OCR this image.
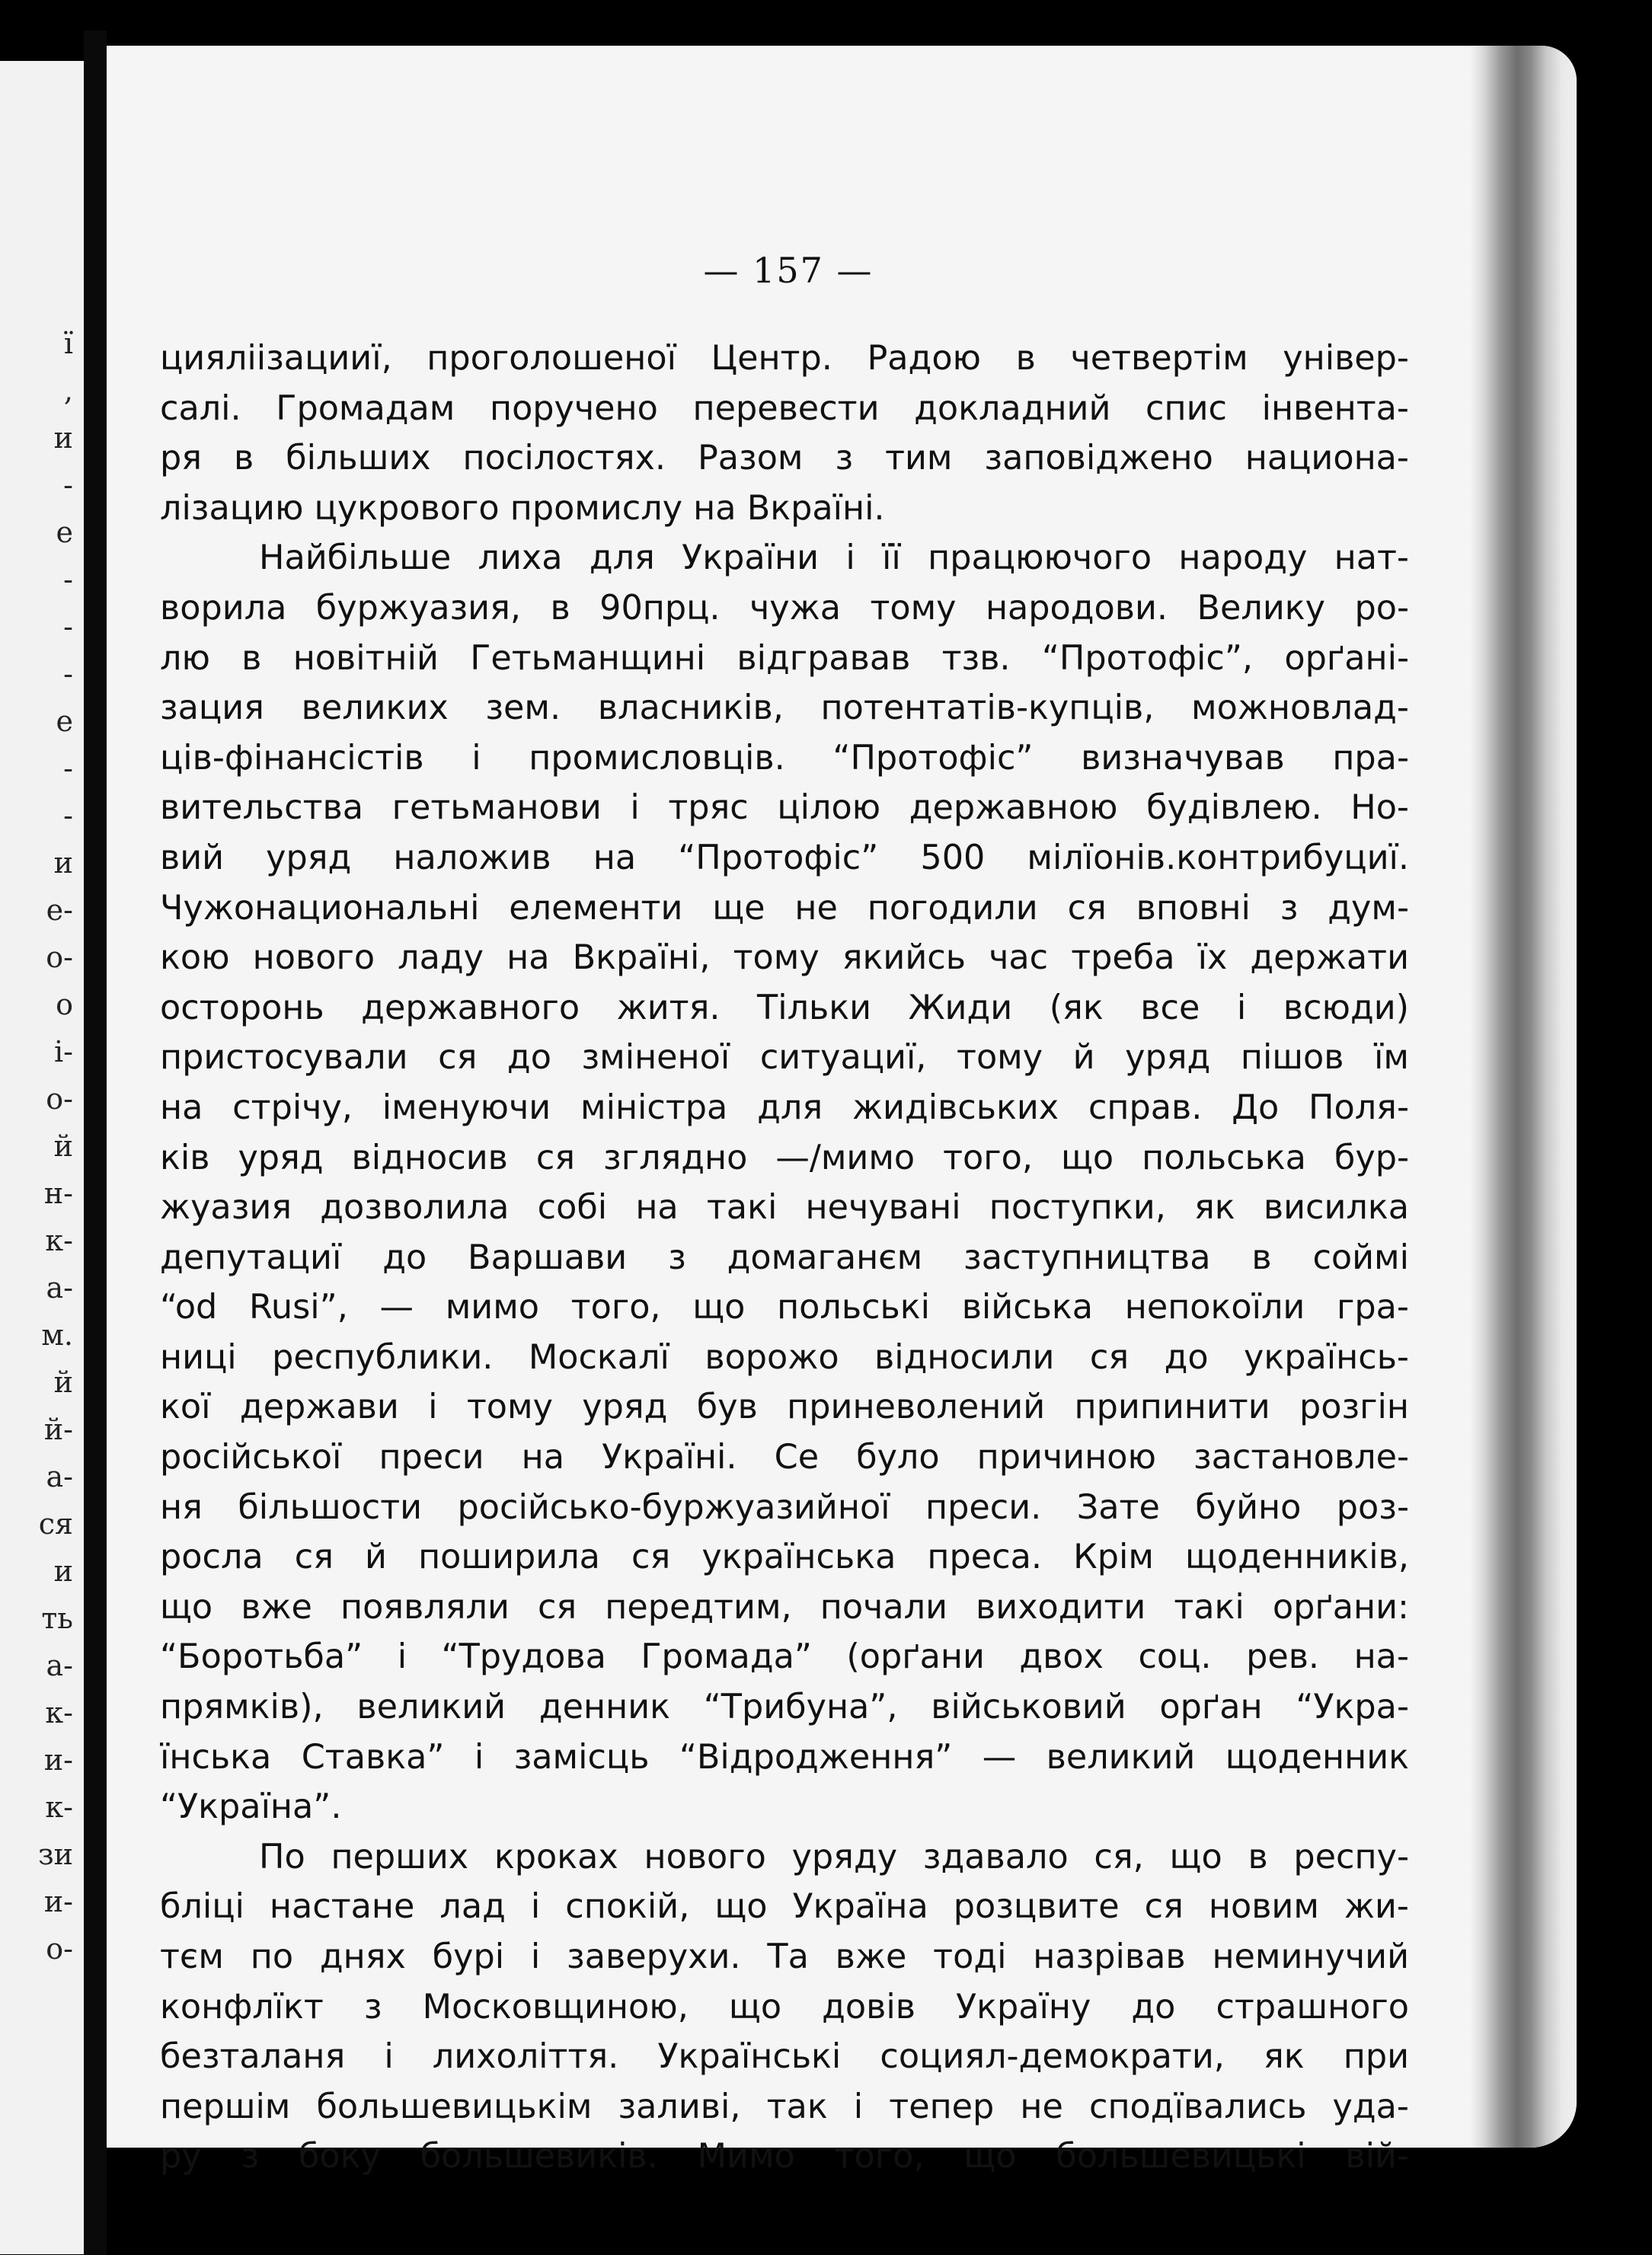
ї
,
и
-
е
-
-
-
е
-
-
и
е-
о-
о
і-
о-
й
н-
к-
а-
м.
й
й-
а-
ся
и
ть
а-
к-
и-
к-
зи
и-
о-
— 157 —
цияліізацииї, проголошеної Центр. Радою в четвертім універ-
салі. Громадам поручено перевести докладний спис інвента-
ря в більших посілостях. Разом з тим заповіджено национа-
лізацию цукрового промислу на Вкраїні.
Найбільше лиха для України і її працюючого народу нат-
ворила буржуазия, в 90прц. чужа тому народови. Велику ро-
лю в новітній Гетьманщині відгравав тзв. “Протофіс”, орґані-
зация великих зем. власників, потентатів-купців, можновлад-
ців-фінансістів і промисловців. “Протофіс” визначував пра-
вительства гетьманови і тряс цілою державною будівлею. Но-
вий уряд наложив на “Протофіс” 500 мілїонів.контрибуциї.
Чужонациональні елементи ще не погодили ся вповні з дум-
кою нового ладу на Вкраїні, тому якийсь час треба їх держати
осторонь державного житя. Тільки Жиди (як все і всюди)
пристосували ся до зміненої ситуациї, тому й уряд пішов їм
на стрічу, іменуючи міністра для жидівських справ. До Поля-
ків уряд відносив ся зглядно —/мимо того, що польська бур-
жуазия дозволила собі на такі нечувані поступки, як висилка
депутациї до Варшави з домаганєм заступництва в соймі
“od Rusi”, — мимо того, що польські війська непокоїли гра-
ниці республики. Москалї ворожо відносили ся до українсь-
кої держави і тому уряд був приневолений припинити розгін
російської преси на Україні. Се було причиною застановле-
ня більшости російсько-буржуазийної преси. Зате буйно роз-
росла ся й поширила ся українська преса. Крім щоденників,
що вже появляли ся передтим, почали виходити такі орґани:
“Боротьба” і “Трудова Громада” (орґани двох соц. рев. на-
прямків), великий денник “Трибуна”, військовий орґан “Укра-
їнська Ставка” і замісць “Відродження” — великий щоденник
“Україна”.
По перших кроках нового уряду здавало ся, що в респу-
бліці настане лад і спокій, що Україна розцвите ся новим жи-
тєм по днях бурі і заверухи. Та вже тоді назрівав неминучий
конфлїкт з Московщиною, що довів Україну до страшного
безталаня і лихоліття. Українські социял-демократи, як при
першім большевицькім заливі, так і тепер не сподївались уда-
ру з боку большевиків. Мимо того, що большевицькі вій-
